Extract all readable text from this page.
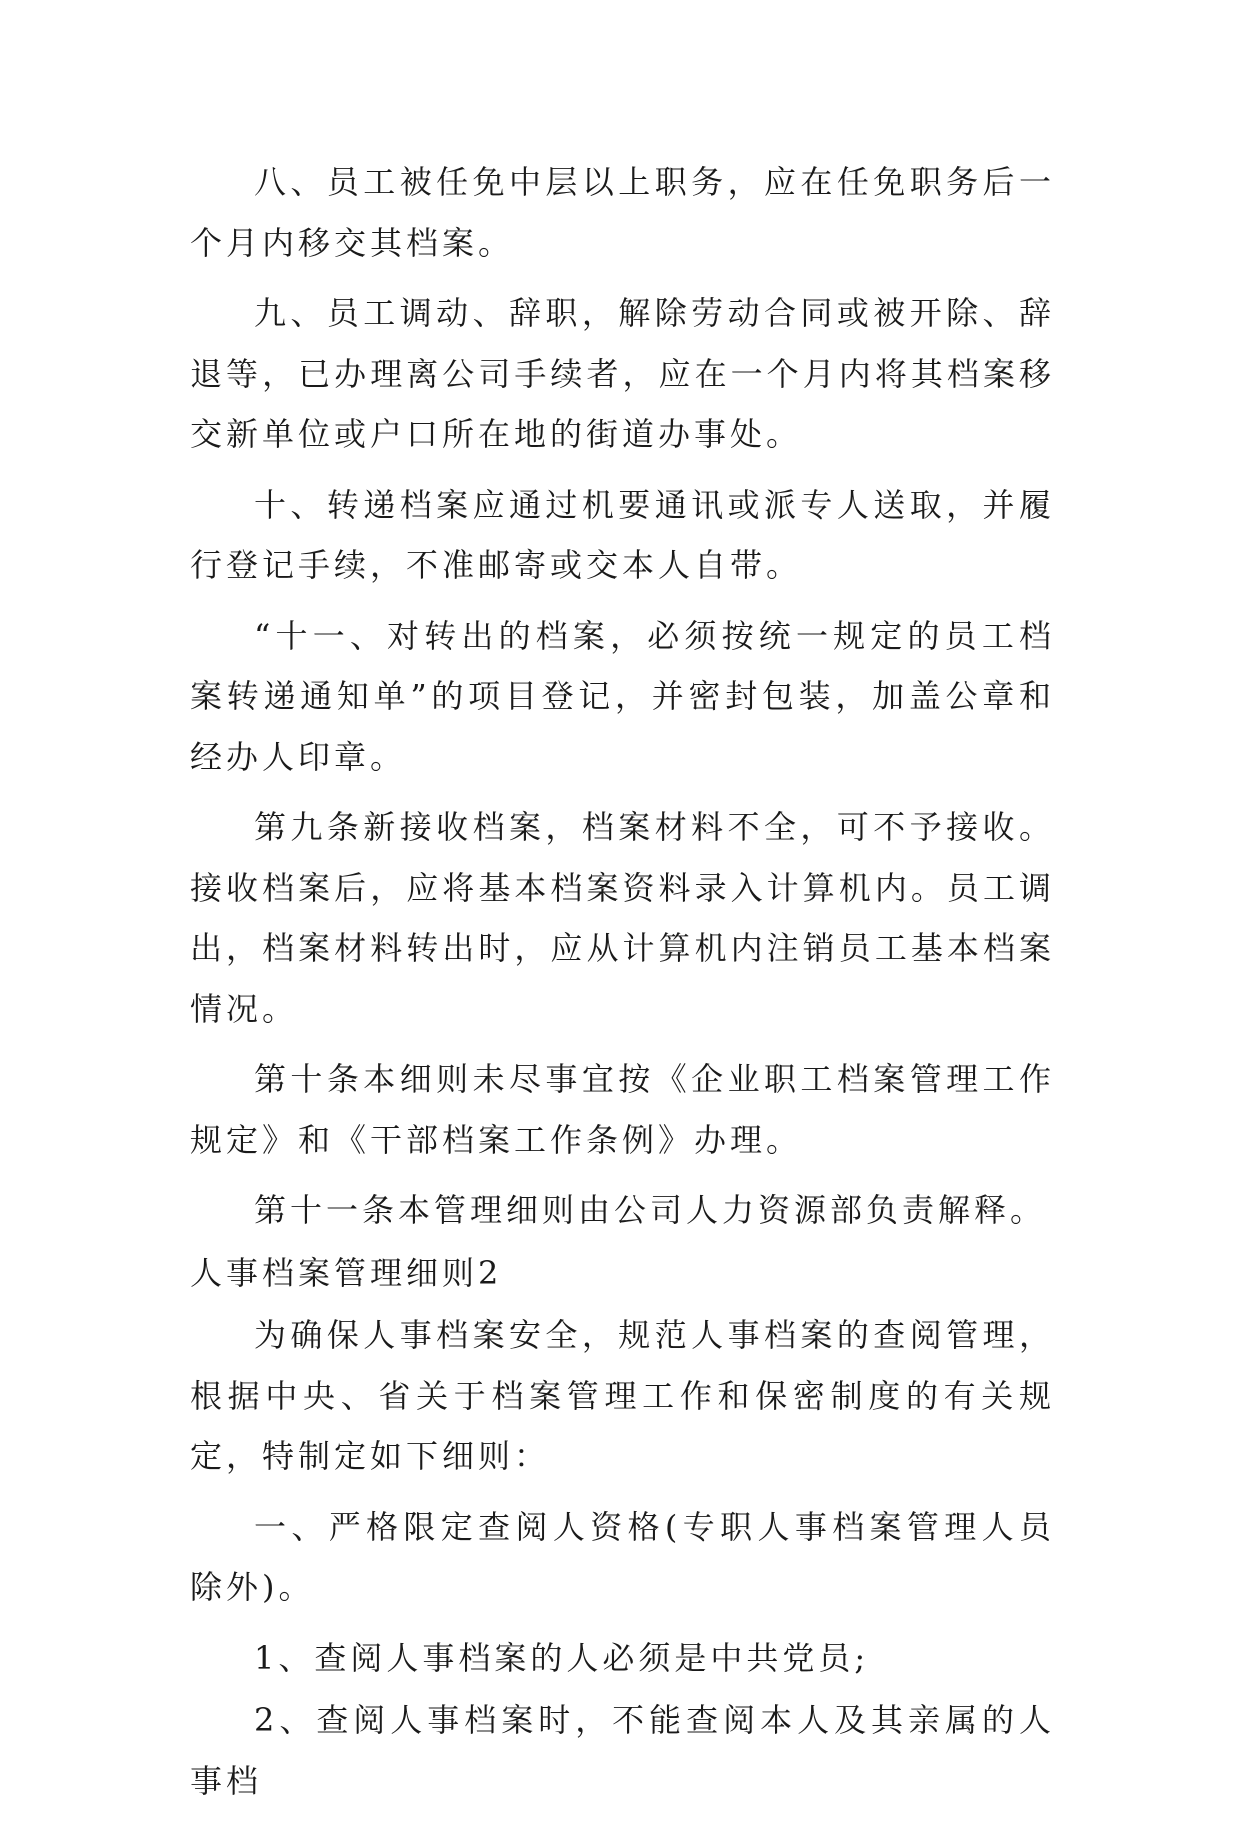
八、员工被任免中层以上职务，应在任免职务后一个月内移交其档案。

九、员工调动、辞职，解除劳动合同或被开除、辞退等，已办理离公司手续者，应在一个月内将其档案移交新单位或户口所在地的街道办事处。

十、转递档案应通过机要通讯或派专人送取，并履行登记手续，不准邮寄或交本人自带。

“十一、对转出的档案，必须按统一规定的员工档案转递通知单”的项目登记，并密封包装，加盖公章和经办人印章。

第九条新接收档案，档案材料不全，可不予接收。接收档案后，应将基本档案资料录入计算机内。员工调出，档案材料转出时，应从计算机内注销员工基本档案情况。

第十条本细则未尽事宜按《企业职工档案管理工作规定》和《干部档案工作条例》办理。

第十一条本管理细则由公司人力资源部负责解释。

人事档案管理细则2

为确保人事档案安全，规范人事档案的查阅管理，根据中央、省关于档案管理工作和保密制度的有关规定，特制定如下细则：

一、严格限定查阅人资格(专职人事档案管理人员除外)。

1、查阅人事档案的人必须是中共党员;

2、查阅人事档案时，不能查阅本人及其亲属的人事档
